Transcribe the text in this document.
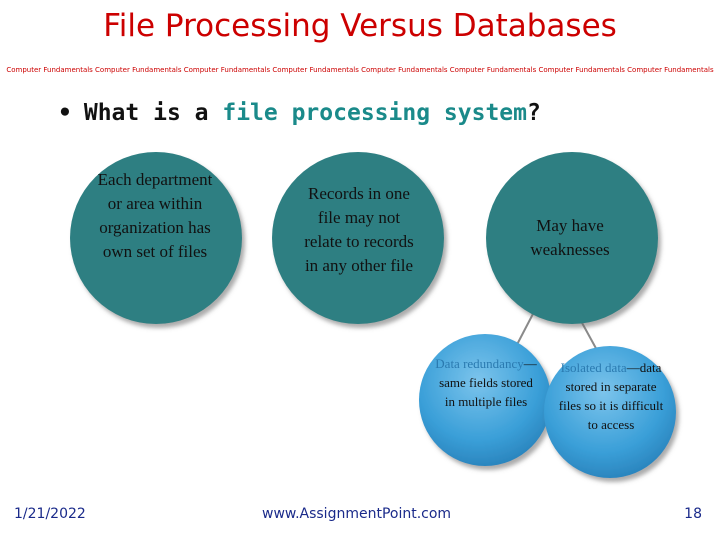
File Processing Versus Databases
Computer Fundamentals Computer Fundamentals Computer Fundamentals Computer Fundamentals Computer Fundamentals Computer Fundamentals Computer Fundamentals Computer Fundamentals
• What is a file processing system?
Each department or area within organization has own set of files
Records in one file may not relate to records in any other file
May have weaknesses
Data redundancy—same fields stored in multiple files
Isolated data—data stored in separate files so it is difficult to access
1/21/2022	www.AssignmentPoint.com	18
